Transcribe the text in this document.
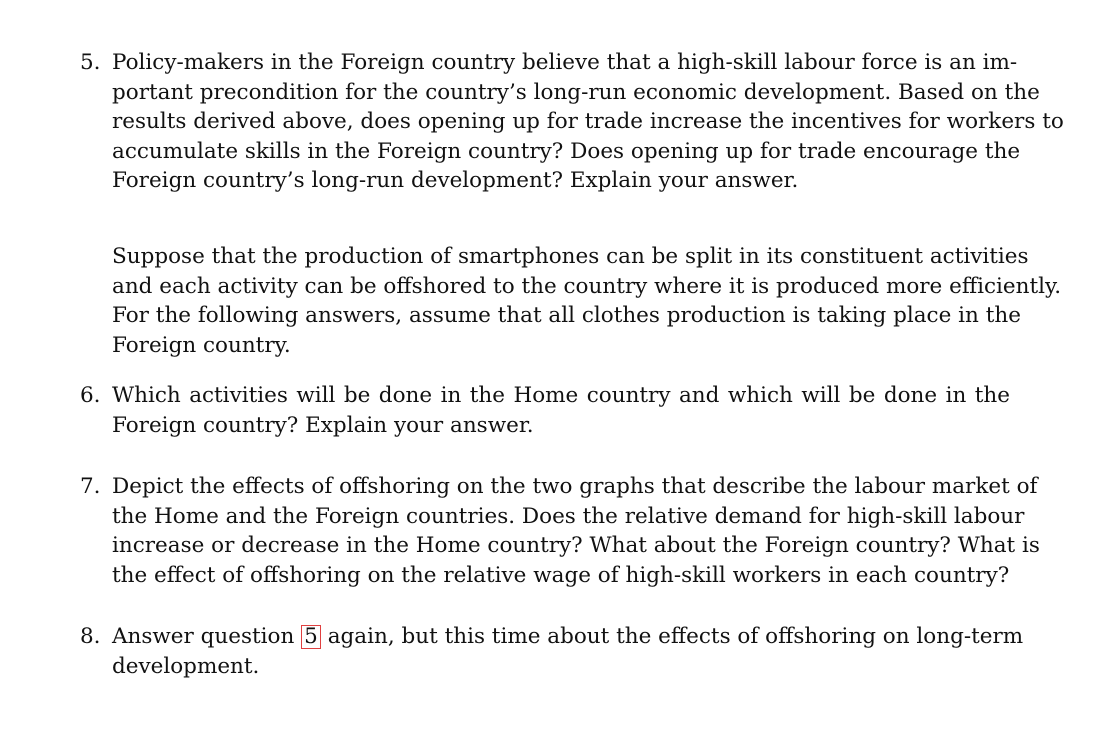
5. Policy-makers in the Foreign country believe that a high-skill labour force is an im-
portant precondition for the country’s long-run economic development. Based on the
results derived above, does opening up for trade increase the incentives for workers to
accumulate skills in the Foreign country? Does opening up for trade encourage the
Foreign country’s long-run development? Explain your answer.
Suppose that the production of smartphones can be split in its constituent activities
and each activity can be offshored to the country where it is produced more efficiently.
For the following answers, assume that all clothes production is taking place in the
Foreign country.
6. Which activities will be done in the Home country and which will be done in the
Foreign country? Explain your answer.
7. Depict the effects of offshoring on the two graphs that describe the labour market of
the Home and the Foreign countries. Does the relative demand for high-skill labour
increase or decrease in the Home country? What about the Foreign country? What is
the effect of offshoring on the relative wage of high-skill workers in each country?
8. Answer question 5 again, but this time about the effects of offshoring on long-term
development.
